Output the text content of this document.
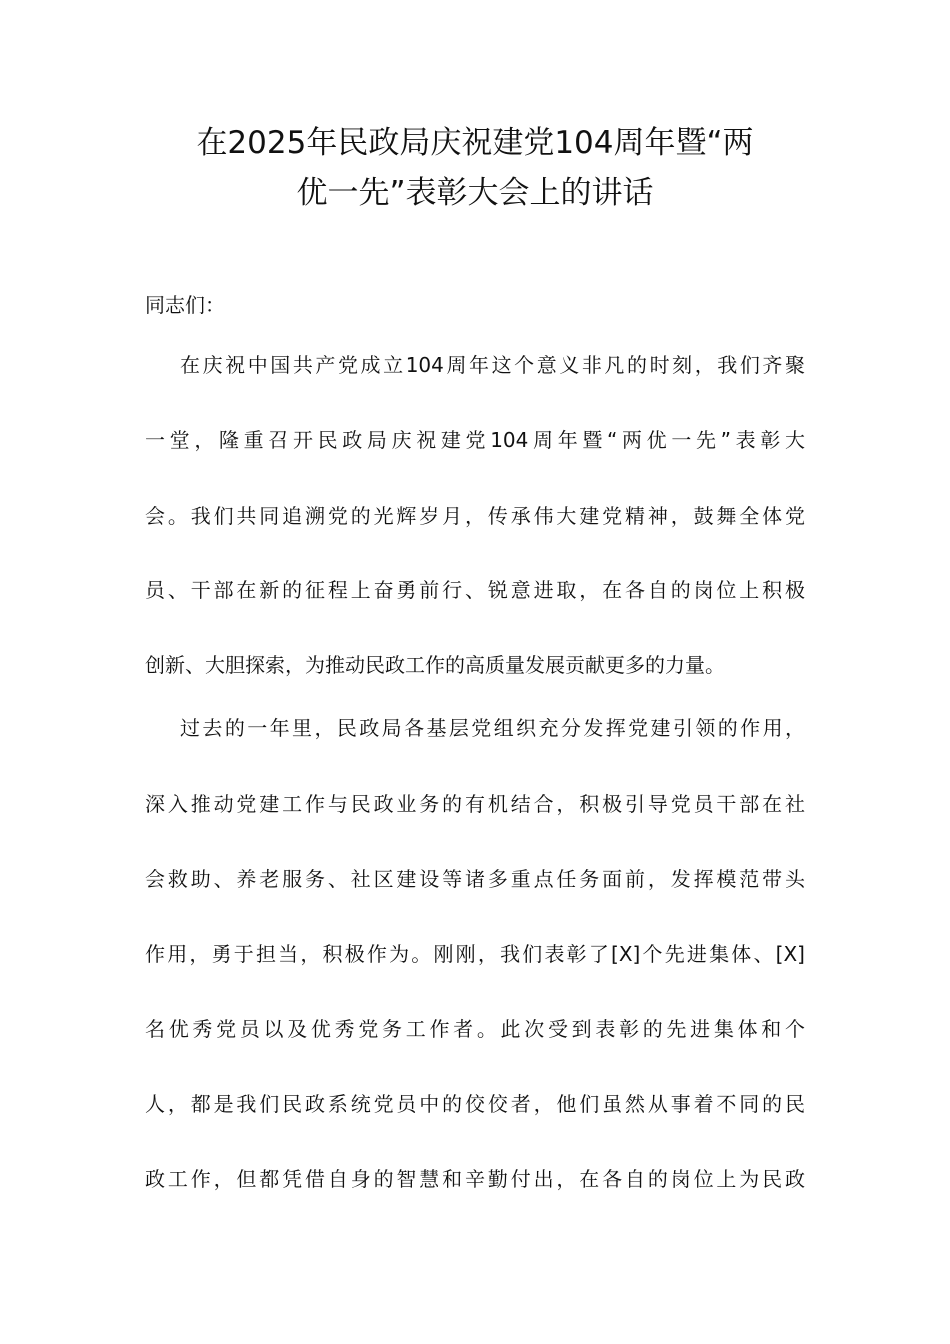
在2025年民政局庆祝建党104周年暨“两
优一先”表彰大会上的讲话
同志们：
在庆祝中国共产党成立104周年这个意义非凡的时刻，我们齐聚
一堂，隆重召开民政局庆祝建党104周年暨“两优一先”表彰大
会。我们共同追溯党的光辉岁月，传承伟大建党精神，鼓舞全体党
员、干部在新的征程上奋勇前行、锐意进取，在各自的岗位上积极
创新、大胆探索，为推动民政工作的高质量发展贡献更多的力量。
过去的一年里，民政局各基层党组织充分发挥党建引领的作用，
深入推动党建工作与民政业务的有机结合，积极引导党员干部在社
会救助、养老服务、社区建设等诸多重点任务面前，发挥模范带头
作用，勇于担当，积极作为。刚刚，我们表彰了[X]个先进集体、[X]
名优秀党员以及优秀党务工作者。此次受到表彰的先进集体和个
人，都是我们民政系统党员中的佼佼者，他们虽然从事着不同的民
政工作，但都凭借自身的智慧和辛勤付出，在各自的岗位上为民政
